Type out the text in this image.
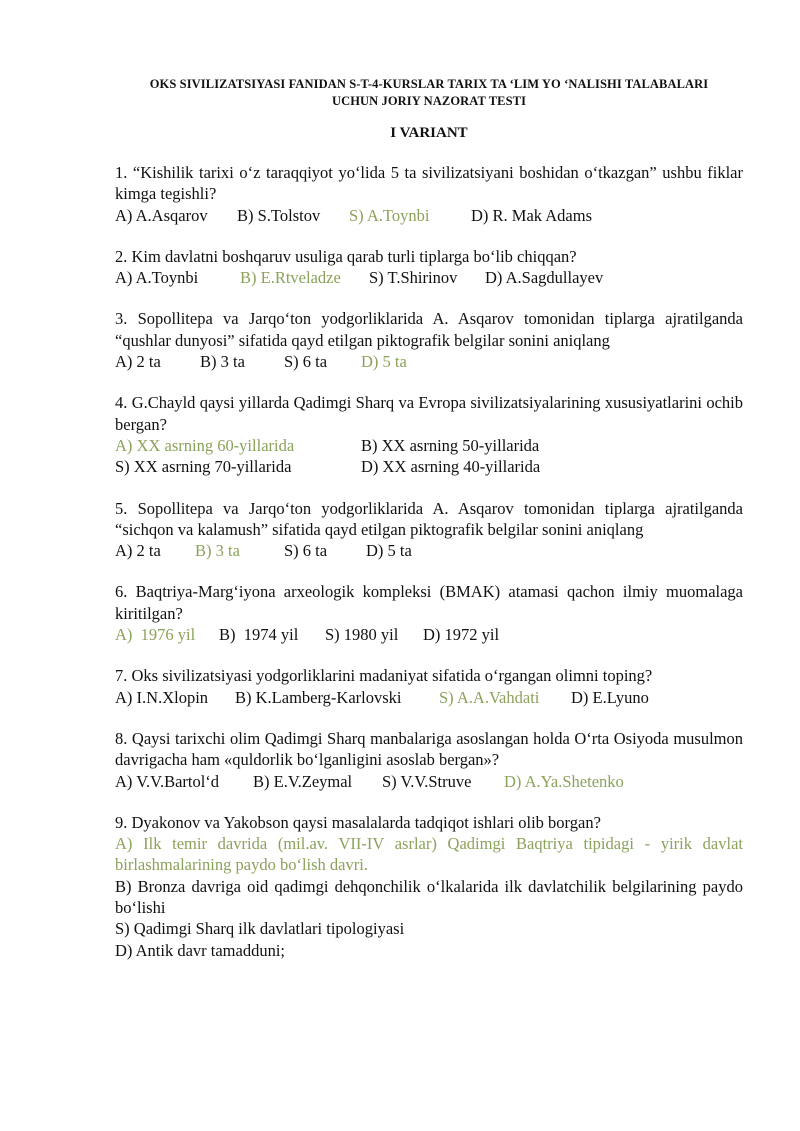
OKS SIVILIZATSIYASI FANIDAN S-T-4-KURSLAR TARIX TA ‘LIM YO ‘NALISHI TALABALARI
UCHUN JORIY NAZORAT TESTI
I VARIANT
1. “Kishilik tarixi o‘z taraqqiyot yo‘lida 5 ta sivilizatsiyani boshidan o‘tkazgan” ushbu fiklar kimga tegishli?
A) A.Asqarov B) S.Tolstov S) A.Toynbi	D) R. Mak Adams
2. Kim davlatni boshqaruv usuliga qarab turli tiplarga bo‘lib chiqqan?
A) A.Toynbi	B) E.Rtveladze S) T.Shirinov D) A.Sagdullayev
3. Sopollitepa va Jarqo‘ton yodgorliklarida A. Asqarov tomonidan tiplarga ajratilganda “qushlar dunyosi” sifatida qayd etilgan piktografik belgilar sonini aniqlang
A) 2 ta B) 3 ta S) 6 ta D) 5 ta
4. G.Chayld qaysi yillarda Qadimgi Sharq va Evropa sivilizatsiyalarining xususiyatlarini ochib bergan?
A) XX asrning 60-yillarida	B) XX asrning 50-yillarida
S) XX asrning 70-yillarida	D) XX asrning 40-yillarida
5. Sopollitepa va Jarqo‘ton yodgorliklarida A. Asqarov tomonidan tiplarga ajratilganda “sichqon va kalamush” sifatida qayd etilgan piktografik belgilar sonini aniqlang
A) 2 ta B) 3 ta	S) 6 ta D) 5 ta
6. Baqtriya-Marg‘iyona arxeologik kompleksi (BMAK) atamasi qachon ilmiy muomalaga kiritilgan?
A)  1976 yil B)  1974 yil S) 1980 yil D) 1972 yil
7. Oks sivilizatsiyasi yodgorliklarini madaniyat sifatida o‘rgangan olimni toping?
A) I.N.Xlopin B) K.Lamberg-Karlovski S) A.A.Vahdati D) E.Lyuno
8. Qaysi tarixchi olim Qadimgi Sharq manbalariga asoslangan holda O‘rta Osiyoda musulmon davrigacha ham «quldorlik bo‘lganligini asoslab bergan»?
A) V.V.Bartol‘d B) E.V.Zeymal S) V.V.Struve D) A.Ya.Shetenko
9. Dyakonov va Yakobson qaysi masalalarda tadqiqot ishlari olib borgan?
A) Ilk temir davrida (mil.av. VII-IV asrlar) Qadimgi Baqtriya tipidagi - yirik davlat birlashmalarining paydo bo‘lish davri.
B) Bronza davriga oid qadimgi dehqonchilik o‘lkalarida ilk davlatchilik belgilarining paydo bo‘lishi
S) Qadimgi Sharq ilk davlatlari tipologiyasi
D) Antik davr tamadduni;
